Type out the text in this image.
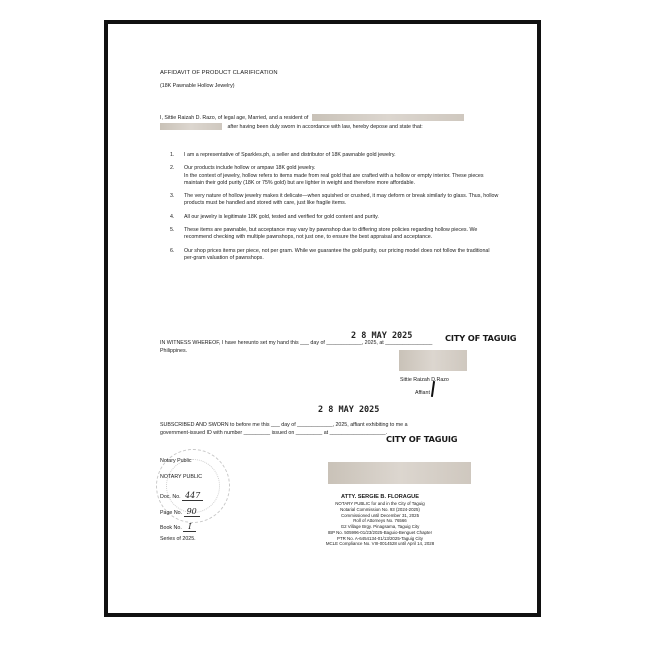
AFFIDAVIT OF PRODUCT CLARIFICATION
(18K Pawnable Hollow Jewelry)
I, Sittie Raizah D. Razo, of legal age, Married, and a resident of
after having been duly sworn in accordance with law, hereby depose and state that:
1. I am a representative of Sparkles.ph, a seller and distributor of 18K pawnable gold jewelry.
2. Our products include hollow or ampaw 18K gold jewelry.
In the context of jewelry, hollow refers to items made from real gold that are crafted with a hollow or empty interior. These pieces maintain their gold purity (18K or 75% gold) but are lighter in weight and therefore more affordable.
3. The very nature of hollow jewelry makes it delicate—when squished or crushed, it may deform or break similarly to glass. Thus, hollow products must be handled and stored with care, just like fragile items.
4. All our jewelry is legitimate 18K gold, tested and verified for gold content and purity.
5. These items are pawnable, but acceptance may vary by pawnshop due to differing store policies regarding hollow pieces. We recommend checking with multiple pawnshops, not just one, to ensure the best appraisal and acceptance.
6. Our shop prices items per piece, not per gram. While we guarantee the gold purity, our pricing model does not follow the traditional per-gram valuation of pawnshops.
2 8 MAY 2025	CITY OF TAGUIG
IN WITNESS WHEREOF, I have hereunto set my hand this ___ day of ____________, 2025, at ________________
Philippines.
Sittie Raizah D.Razo
Affiant
2 8 MAY 2025
SUBSCRIBED AND SWORN to before me this ___ day of ____________, 2025, affiant exhibiting to me a
government-issued ID with number _________ issued on _________ at ___________________.
CITY OF TAGUIG
Notary Public
NOTARY PUBLIC
Doc. No. 447
Page No. 90
Book No. I
Series of 2025.
ATTY. SERGIE B. FLORAGUE
NOTARY PUBLIC for and in the City of Taguig
Notarial Commission No. 93 (2024-2025)
Commissioned until December 31, 2025
Roll of Attorneys No. 76566
G2 Village Brgy. Pinagsama, Taguig City
IBP No. 505996-01/23/2025-Baguio-Benguet Chapter
PTR No. A-6454134-01/13/2025-Taguig City
MCLE Compliance No. VIII-0014528 until April 14, 2028
